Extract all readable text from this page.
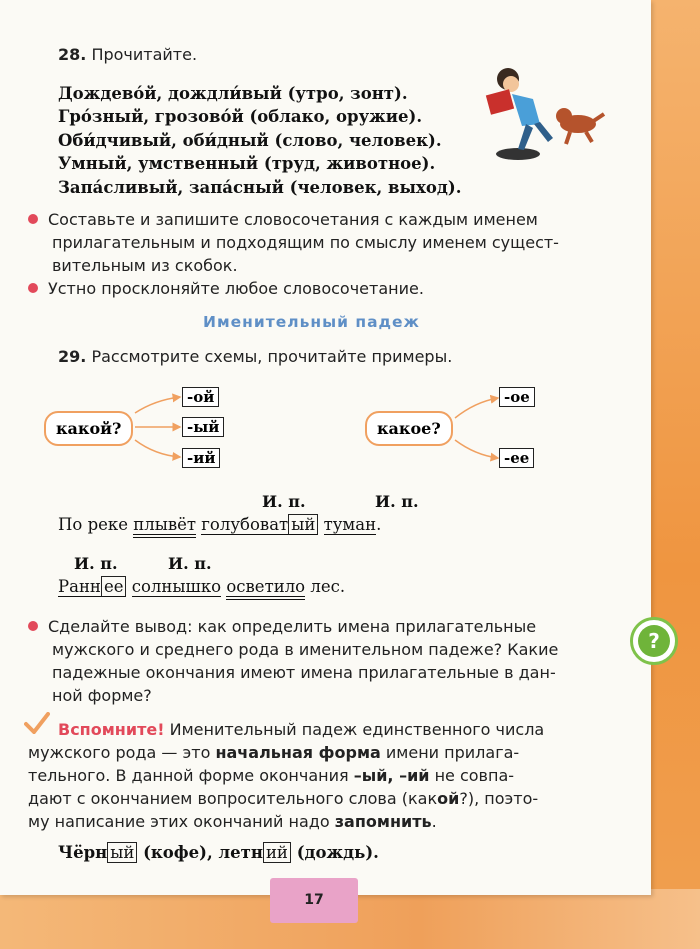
28. Прочитайте.
Дождево́й, дождли́вый (утро, зонт).
Гро́зный, грозово́й (облако, оружие).
Оби́дчивый, оби́дный (слово, человек).
Умный, умственный (труд, животное).
Запа́сливый, запа́сный (человек, выход).
Составьте и запишите словосочетания с каждым именем
прилагательным и подходящим по смыслу именем сущест-
вительным из скобок.
Устно просклоняйте любое словосочетание.
Именительный падеж
29. Рассмотрите схемы, прочитайте примеры.
какой?
-ой
-ый
-ий
какое?
-ое
-ее
И. п.	И. п.
По реке плывёт голубоват ый туман.
И. п.	И. п.
Ранн ее солнышко осветило лес.
Сделайте вывод: как определить имена прилагательные
мужского и среднего рода в именительном падеже? Какие
падежные окончания имеют имена прилагательные в дан-
ной форме?
Вспомните! Именительный падеж единственного числа
мужского рода — это начальная форма имени прилага-
тельного. В данной форме окончания –ый, –ий не совпа-
дают с окончанием вопросительного слова (какой?), поэто-
му написание этих окончаний надо запомнить.
Чёрн ый (кофе), летн ий (дождь).
?
17
